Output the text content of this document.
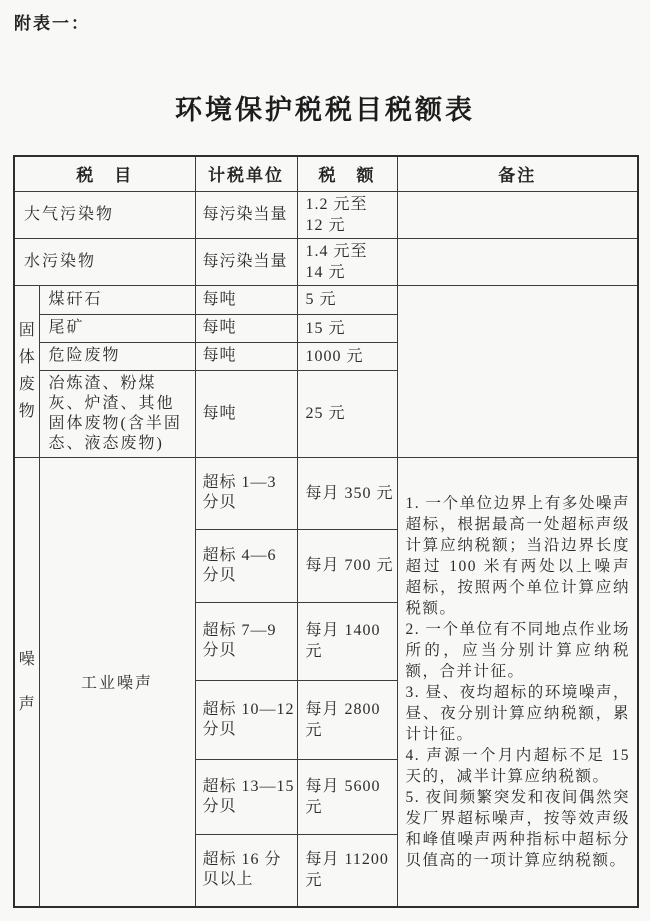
附表一：
环境保护税税目税额表
税　目		计税单位	税　额	备注
大气污染物		每污染当量	1.2 元至 12 元	
水污染物		每污染当量	1.4 元至 14 元	
固体废物	煤矸石	每吨	5 元	
	尾矿	每吨	15 元	
	危险废物	每吨	1000 元	
	冶炼渣、粉煤灰、炉渣、其他固体废物(含半固态、液态废物)	每吨	25 元	
噪声	工业噪声	超标 1—3 分贝	每月 350 元	1. 一个单位边界上有多处噪声超标，根据最高一处超标声级计算应纳税额；当沿边界长度超过 100 米有两处以上噪声超标，按照两个单位计算应纳税额。

2. 一个单位有不同地点作业场所的，应当分别计算应纳税额，合并计征。

3. 昼、夜均超标的环境噪声，昼、夜分别计算应纳税额，累计计征。

4. 声源一个月内超标不足 15 天的，减半计算应纳税额。

5. 夜间频繁突发和夜间偶然突发厂界超标噪声，按等效声级和峰值噪声两种指标中超标分贝值高的一项计算应纳税额。

		超标 4—6 分贝	每月 700 元	
		超标 7—9 分贝	每月 1400 元	
		超标 10—12 分贝	每月 2800 元	
		超标 13—15 分贝	每月 5600 元	
		超标 16 分贝以上	每月 11200 元	
